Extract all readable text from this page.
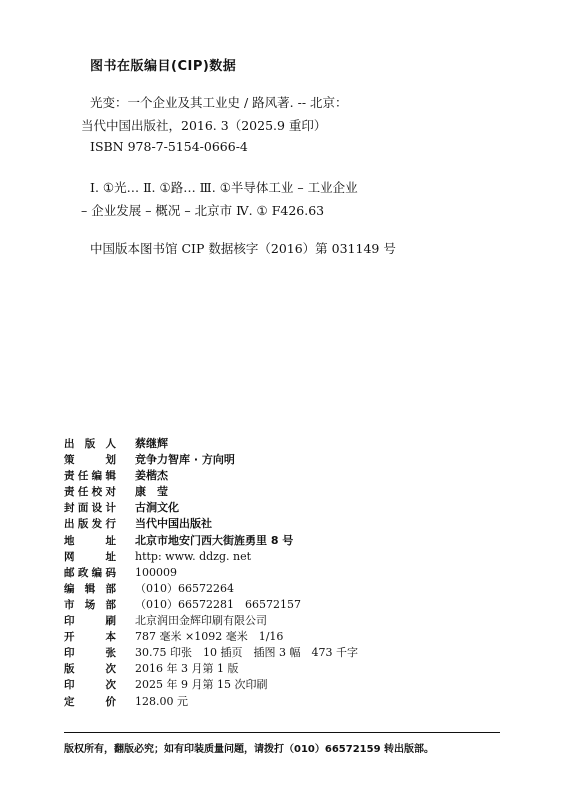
图书在版编目(CIP)数据
光变：一个企业及其工业史 / 路风著. -- 北京：
当代中国出版社，2016. 3（2025.9 重印）
ISBN 978-7-5154-0666-4
Ⅰ. ①光… Ⅱ. ①路… Ⅲ. ①半导体工业 – 工业企业
– 企业发展 – 概况 – 北京市 Ⅳ. ① F426.63
中国版本图书馆 CIP 数据核字（2016）第 031149 号
出版人 蔡继辉
策划 竞争力智库 · 方向明
责任编辑 姜楷杰
责任校对 康　莹
封面设计 古涧文化
出版发行 当代中国出版社
地址 北京市地安门西大街旌勇里 8 号
网址 http: www. ddzg. net
邮政编码 100009
编辑部 （010）66572264
市场部 （010）66572281　66572157
印刷 北京润田金辉印刷有限公司
开本 787 毫米 ×1092 毫米　1/16
印张 30.75 印张　10 插页　插图 3 幅　473 千字
版次 2016 年 3 月第 1 版
印次 2025 年 9 月第 15 次印刷
定价 128.00 元
版权所有，翻版必究；如有印装质量问题，请拨打（010）66572159 转出版部。
